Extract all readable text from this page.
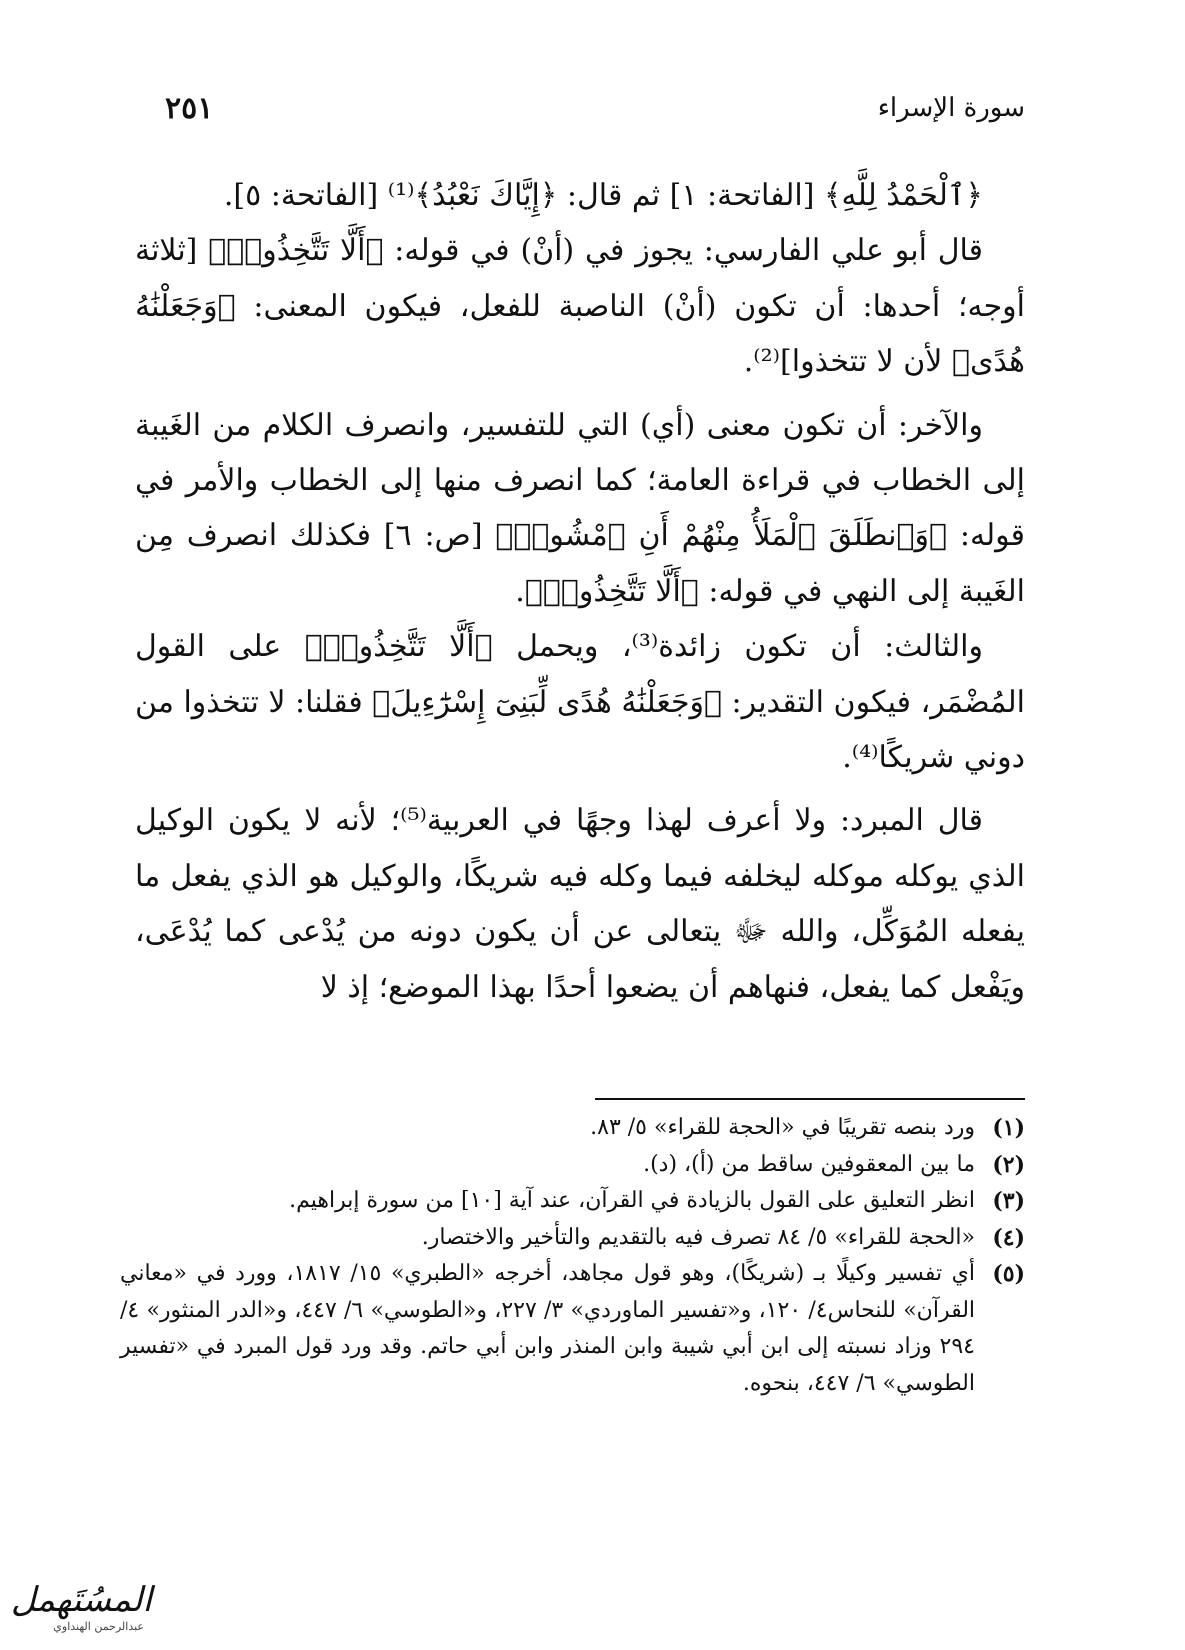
سورة الإسراء
٢٥١

﴿ٱلْحَمْدُ لِلَّهِ﴾ [الفاتحة: ١] ثم قال: ﴿إِيَّاكَ نَعْبُدُ﴾⁽¹⁾ [الفاتحة: ٥].

قال أبو علي الفارسي: يجوز في (أنْ) في قوله: ﴿أَلَّا تَتَّخِذُوا۟﴾ [ثلاثة أوجه؛ أحدها: أن تكون (أنْ) الناصبة للفعل، فيكون المعنى: ﴿وَجَعَلْنَٰهُ هُدًى﴾ لأن لا تتخذوا]⁽²⁾.

والآخر: أن تكون معنى (أي) التي للتفسير، وانصرف الكلام من الغَيبة إلى الخطاب في قراءة العامة؛ كما انصرف منها إلى الخطاب والأمر في قوله: ﴿وَٱنطَلَقَ ٱلْمَلَأُ مِنْهُمْ أَنِ ٱمْشُوا۟﴾ [ص: ٦] فكذلك انصرف مِن الغَيبة إلى النهي في قوله: ﴿أَلَّا تَتَّخِذُوا۟﴾.

والثالث: أن تكون زائدة⁽³⁾، ويحمل ﴿أَلَّا تَتَّخِذُوا۟﴾ على القول المُضْمَر، فيكون التقدير: ﴿وَجَعَلْنَٰهُ هُدًى لِّبَنِىٓ إِسْرَٰٓءِيلَ﴾ فقلنا: لا تتخذوا من دوني شريكًا⁽⁴⁾.

قال المبرد: ولا أعرف لهذا وجهًا في العربية⁽⁵⁾؛ لأنه لا يكون الوكيل الذي يوكله موكله ليخلفه فيما وكله فيه شريكًا، والوكيل هو الذي يفعل ما يفعله المُوَكِّل، والله ﷻ يتعالى عن أن يكون دونه من يُدْعى كما يُدْعَى، ويَفْعل كما يفعل، فنهاهم أن يضعوا أحدًا بهذا الموضع؛ إذ لا

(١)
ورد بنصه تقريبًا في «الحجة للقراء» ٥/ ٨٣.
(٢)
ما بين المعقوفين ساقط من (أ)، (د).
(٣)
انظر التعليق على القول بالزيادة في القرآن، عند آية [١٠] من سورة إبراهيم.
(٤)
«الحجة للقراء» ٥/ ٨٤ تصرف فيه بالتقديم والتأخير والاختصار.
(٥)
أي تفسير وكيلًا بـ (شريكًا)، وهو قول مجاهد، أخرجه «الطبري» ١٥/ ١٨١٧، وورد في «معاني القرآن» للنحاس٤/ ١٢٠، و«تفسير الماوردي» ٣/ ٢٢٧، و«الطوسي» ٦/ ٤٤٧، و«الدر المنثور» ٤/ ٢٩٤ وزاد نسبته إلى ابن أبي شيبة وابن المنذر وابن أبي حاتم. وقد ورد قول المبرد في «تفسير الطوسي» ٦/ ٤٤٧، بنحوه.
المسُتَهمل
عبدالرحمن الهنداوي
